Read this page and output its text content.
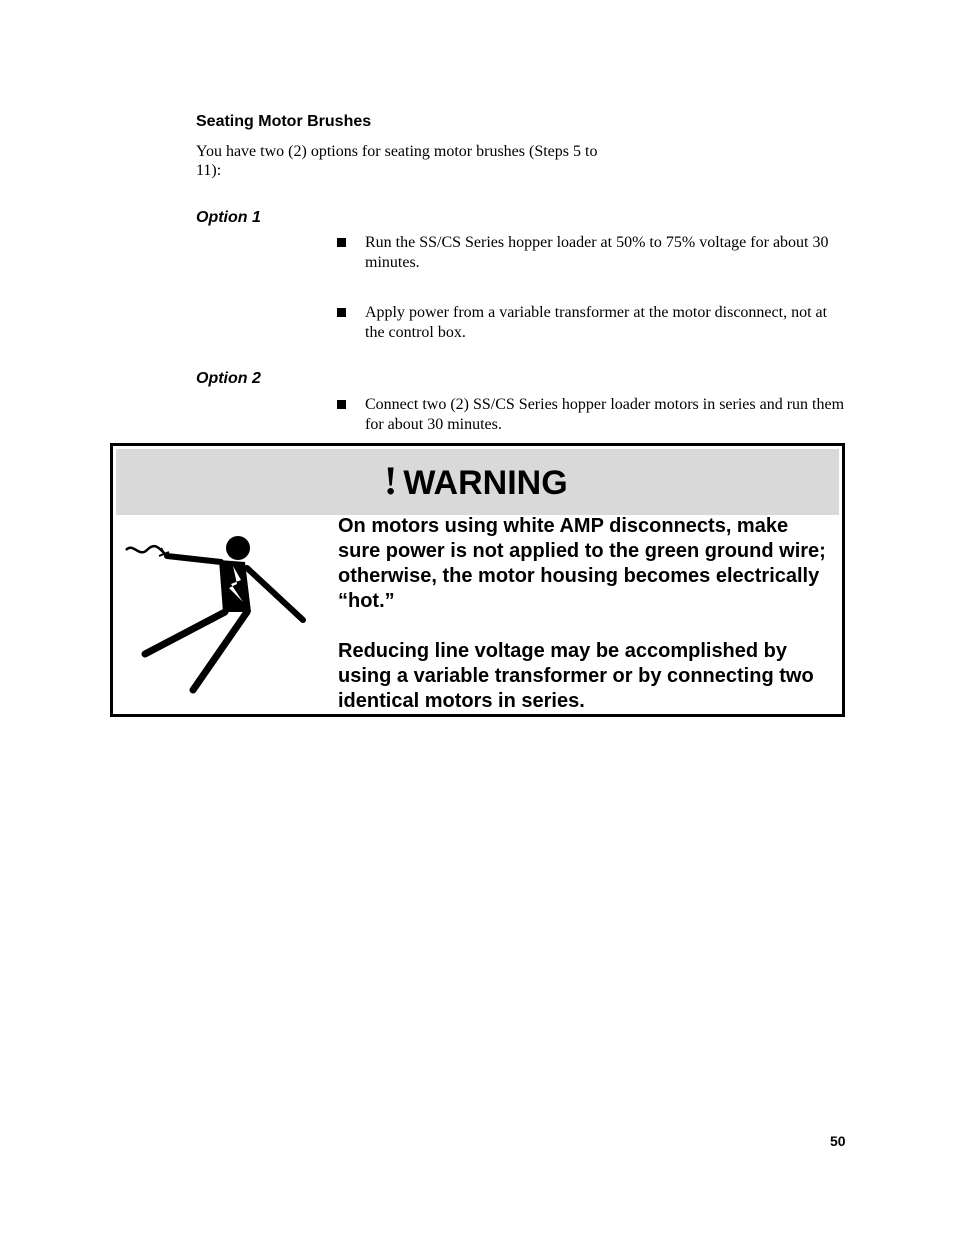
Seating Motor Brushes

You have two (2) options for seating motor brushes (Steps 5 to 11):

Option 1
Run the SS/CS Series hopper loader at 50% to 75% voltage for about 30 minutes.
Apply power from a variable transformer at the motor disconnect, not at the control box.
Option 2
Connect two (2) SS/CS Series hopper loader motors in series and run them for about 30 minutes.
! WARNING

On motors using white AMP disconnects, make sure power is not applied to the green ground wire; otherwise, the motor housing becomes electrically “hot.”

Reducing line voltage may be accomplished by using a variable transformer or by connecting two identical motors in series.

50
